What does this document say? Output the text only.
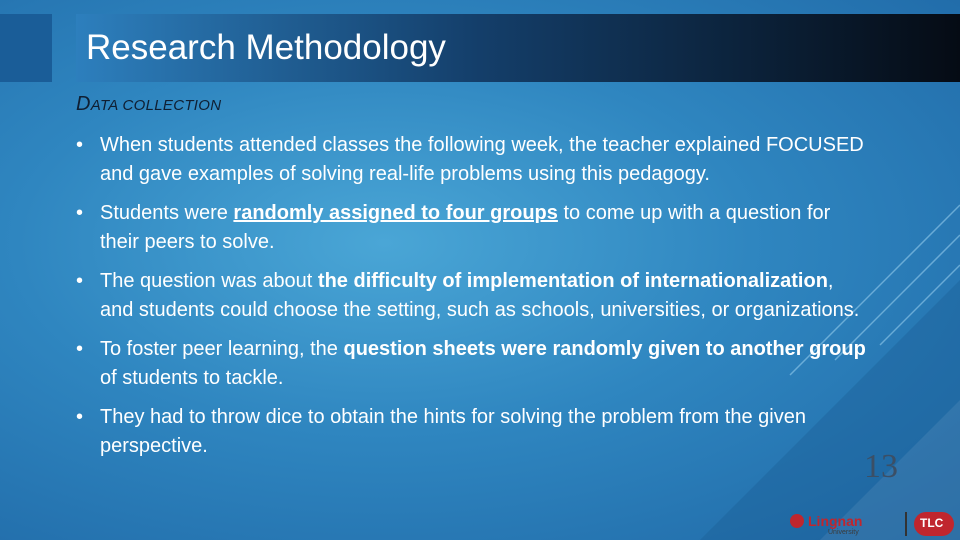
Research Methodology
DATA COLLECTION
• When students attended classes the following week, the teacher explained FOCUSED and gave examples of solving real-life problems using this pedagogy.
• Students were randomly assigned to four groups to come up with a question for their peers to solve.
• The question was about the difficulty of implementation of internationalization, and students could choose the setting, such as schools, universities, or organizations.
• To foster peer learning, the question sheets were randomly given to another group of students to tackle.
• They had to throw dice to obtain the hints for solving the problem from the given perspective.
13
Lingnan
University
TLC
